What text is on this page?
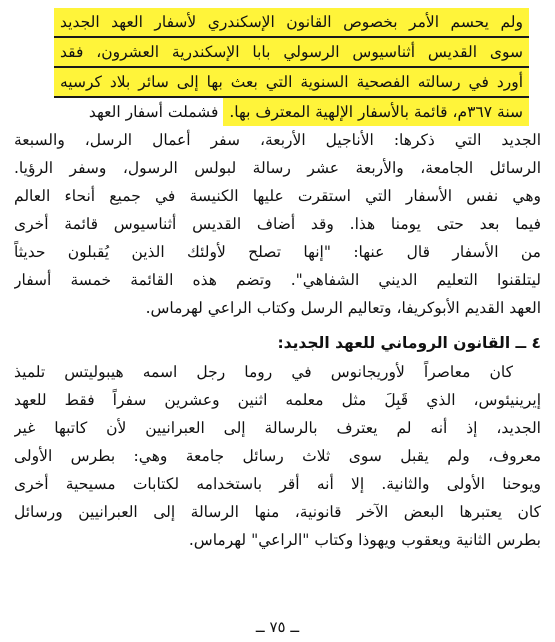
ولم يحسم الأمر بخصوص القانون الإسكندري لأسفار العهد الجديد
سوى القديس أثناسيوس الرسولي بابا الإسكندرية العشرون، فقد
أورد في رسالته الفصحية السنوية التي بعث بها إلى سائر بلاد كرسيه
سنة ٣٦٧م، قائمة بالأسفار الإلهية المعترف بها. فشملت أسفار العهد
الجديد التي ذكرها: الأناجيل الأربعة، سفر أعمال الرسل، والسبعة
الرسائل الجامعة، والأربعة عشر رسالة لبولس الرسول، وسفر الرؤيا.
وهي نفس الأسفار التي استقرت عليها الكنيسة في جميع أنحاء العالم
فيما بعد حتى يومنا هذا. وقد أضاف القديس أثناسيوس قائمة أخرى
من الأسفار قال عنها: "إنها تصلح لأولئك الذين يُقبلون حديثاً
ليتلقنوا التعليم الديني الشفاهي". وتضم هذه القائمة خمسة أسفار
العهد القديم الأبوكريفا، وتعاليم الرسل وكتاب الراعي لهرماس.
٤ ــ القانون الروماني للعهد الجديد:
كان معاصراً لأوريجانوس في روما رجل اسمه هيبوليتس تلميذ
إيرينيئوس، الذي قَبِلَ مثل معلمه اثنين وعشرين سفراً فقط للعهد
الجديد، إذ أنه لم يعترف بالرسالة إلى العبرانيين لأن كاتبها غير
معروف، ولم يقبل سوى ثلاث رسائل جامعة وهي: بطرس الأولى
ويوحنا الأولى والثانية. إلا أنه أقر باستخدامه لكتابات مسيحية أخرى
كان يعتبرها البعض الآخر قانونية، منها الرسالة إلى العبرانيين ورسائل
بطرس الثانية ويعقوب ويهوذا وكتاب "الراعي" لهرماس.
ــ ٧٥ ــ
